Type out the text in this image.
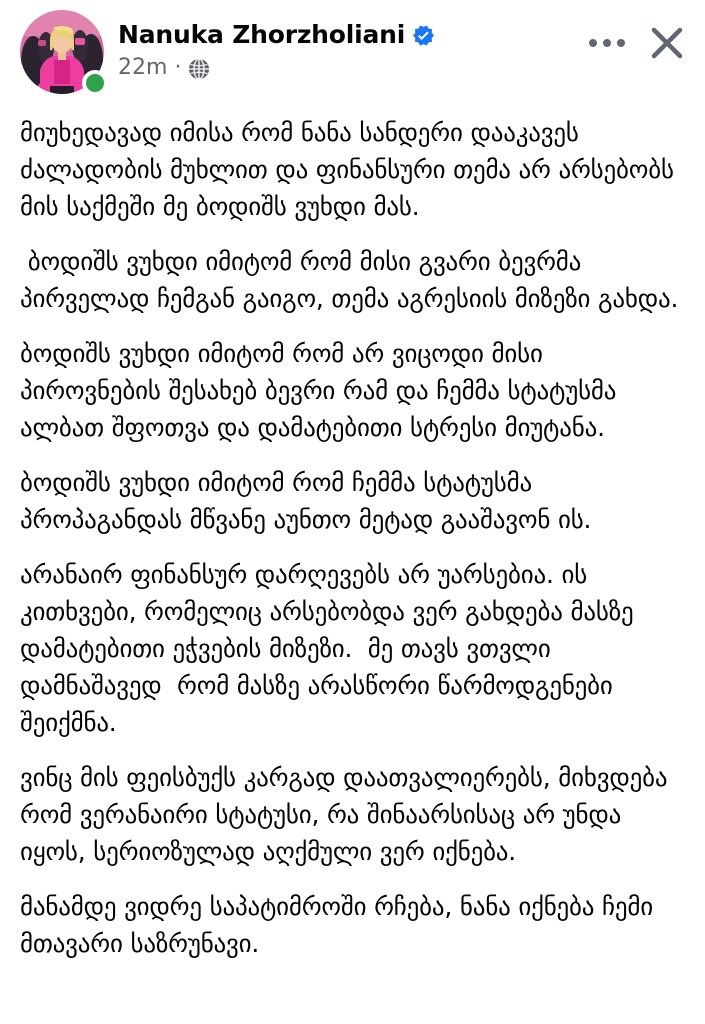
Nanuka Zhorzholiani
22m ·

მიუხედავად იმისა რომ ნანა სანდერი დააკავეს ძალადობის მუხლით და ფინანსური თემა არ არსებობს მის საქმეში მე ბოდიშს ვუხდი მას.

ბოდიშს ვუხდი იმიტომ რომ მისი გვარი ბევრმა პირველად ჩემგან გაიგო, თემა აგრესიის მიზეზი გახდა.

ბოდიშს ვუხდი იმიტომ რომ არ ვიცოდი მისი პიროვნების შესახებ ბევრი რამ და ჩემმა სტატუსმა ალბათ შფოთვა და დამატებითი სტრესი მიუტანა.

ბოდიშს ვუხდი იმიტომ რომ ჩემმა სტატუსმა პროპაგანდას მწვანე აუნთო მეტად გააშავონ ის.

არანაირ ფინანსურ დარღევებს არ უარსებია. ის კითხვები, რომელიც არსებობდა ვერ გახდება მასზე დამატებითი ეჭვების მიზეზი.  მე თავს ვთვლი დამნაშავედ  რომ მასზე არასწორი წარმოდგენები შეიქმნა.

ვინც მის ფეისბუქს კარგად დაათვალიერებს, მიხვდება რომ ვერანაირი სტატუსი, რა შინაარსისაც არ უნდა იყოს, სერიოზულად აღქმული ვერ იქნება.

მანამდე ვიდრე საპატიმროში რჩება, ნანა იქნება ჩემი მთავარი საზრუნავი.
